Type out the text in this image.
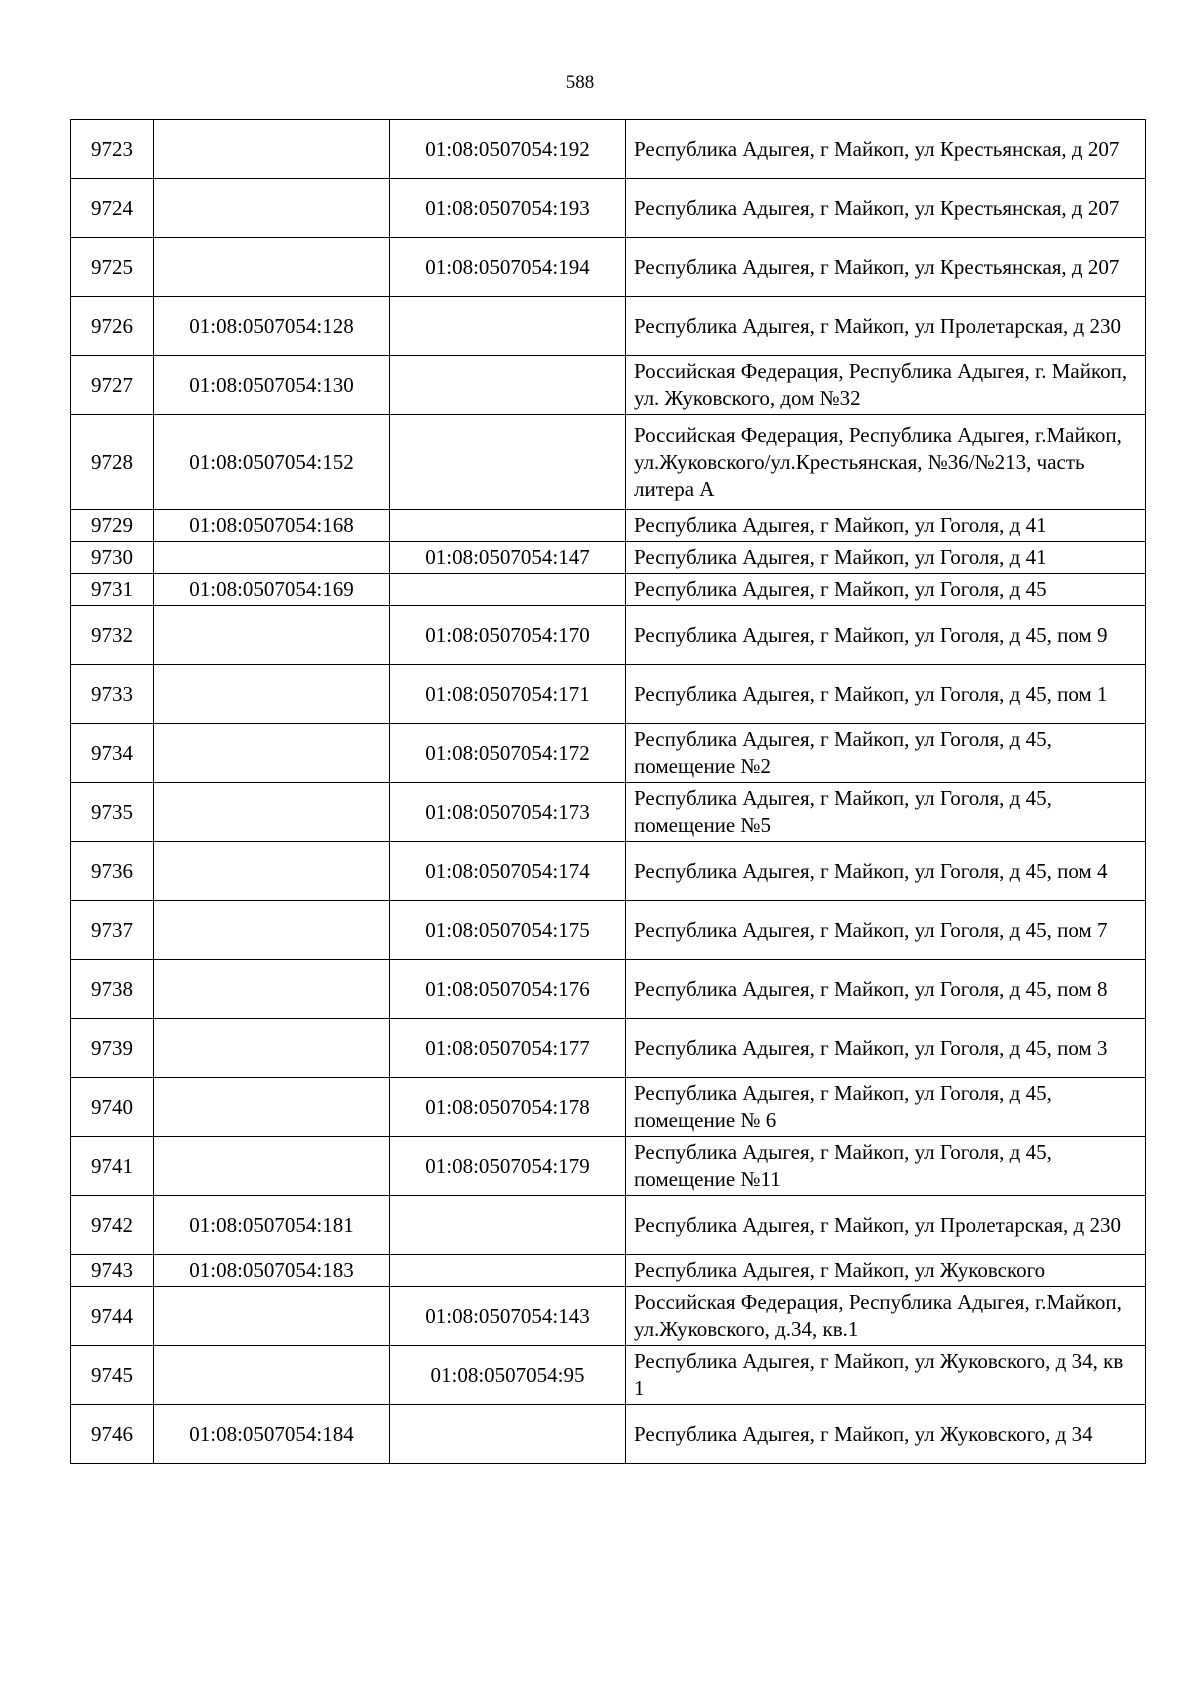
588
9723		01:08:0507054:192	Республика Адыгея, г Майкоп, ул Крестьянская, д 207
9724		01:08:0507054:193	Республика Адыгея, г Майкоп, ул Крестьянская, д 207
9725		01:08:0507054:194	Республика Адыгея, г Майкоп, ул Крестьянская, д 207
9726	01:08:0507054:128		Республика Адыгея, г Майкоп, ул Пролетарская, д 230
9727	01:08:0507054:130		Российская Федерация, Республика Адыгея, г. Майкоп, ул. Жуковского, дом №32
9728	01:08:0507054:152		Российская Федерация, Республика Адыгея, г.Майкоп, ул.Жуковского/ул.Крестьянская, №36/№213, часть литера А
9729	01:08:0507054:168		Республика Адыгея, г Майкоп, ул Гоголя, д 41
9730		01:08:0507054:147	Республика Адыгея, г Майкоп, ул Гоголя, д 41
9731	01:08:0507054:169		Республика Адыгея, г Майкоп, ул Гоголя, д 45
9732		01:08:0507054:170	Республика Адыгея, г Майкоп, ул Гоголя, д 45, пом 9
9733		01:08:0507054:171	Республика Адыгея, г Майкоп, ул Гоголя, д 45, пом 1
9734		01:08:0507054:172	Республика Адыгея, г Майкоп, ул Гоголя, д 45, помещение №2
9735		01:08:0507054:173	Республика Адыгея, г Майкоп, ул Гоголя, д 45, помещение №5
9736		01:08:0507054:174	Республика Адыгея, г Майкоп, ул Гоголя, д 45, пом 4
9737		01:08:0507054:175	Республика Адыгея, г Майкоп, ул Гоголя, д 45, пом 7
9738		01:08:0507054:176	Республика Адыгея, г Майкоп, ул Гоголя, д 45, пом 8
9739		01:08:0507054:177	Республика Адыгея, г Майкоп, ул Гоголя, д 45, пом 3
9740		01:08:0507054:178	Республика Адыгея, г Майкоп, ул Гоголя, д 45, помещение № 6
9741		01:08:0507054:179	Республика Адыгея, г Майкоп, ул Гоголя, д 45, помещение №11
9742	01:08:0507054:181		Республика Адыгея, г Майкоп, ул Пролетарская, д 230
9743	01:08:0507054:183		Республика Адыгея, г Майкоп, ул Жуковского
9744		01:08:0507054:143	Российская Федерация, Республика Адыгея, г.Майкоп, ул.Жуковского, д.34, кв.1
9745		01:08:0507054:95	Республика Адыгея, г Майкоп, ул Жуковского, д 34, кв 1
9746	01:08:0507054:184		Республика Адыгея, г Майкоп, ул Жуковского, д 34
